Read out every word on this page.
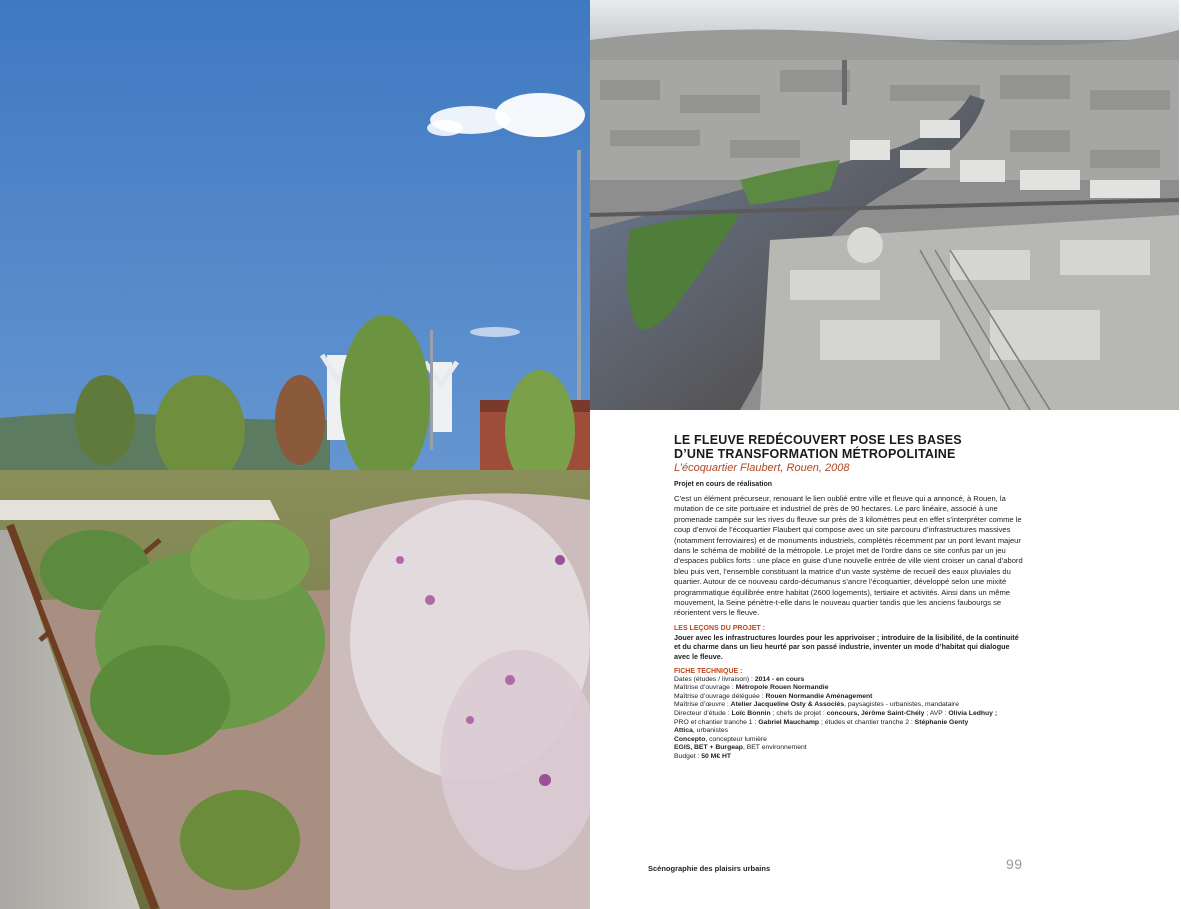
LE FLEUVE REDÉCOUVERT POSE LES BASES
D’UNE TRANSFORMATION MÉTROPOLITAINE
L’écoquartier Flaubert, Rouen, 2008
Projet en cours de réalisation
C’est un élément précurseur, renouant le lien oublié entre ville et fleuve qui a annoncé, à Rouen, la mutation de ce site portuaire et industriel de près de 90 hectares. Le parc linéaire, associé à une promenade campée sur les rives du fleuve sur près de 3 kilomètres peut en effet s’interpréter comme le coup d’envoi de l’écoquartier Flaubert qui compose avec un site parcouru d’infrastructures massives (notamment ferroviaires) et de monuments industriels, complétés récemment par un pont levant majeur dans le schéma de mobilité de la métropole. Le projet met de l’ordre dans ce site confus par un jeu d’espaces publics forts : une place en guise d’une nouvelle entrée de ville vient croiser un canal d’abord bleu puis vert, l’ensemble constituant la matrice d’un vaste système de recueil des eaux pluviales du quartier. Autour de ce nouveau cardo-décumanus s’ancre l’écoquartier, développé selon une mixité programmatique équilibrée entre habitat (2600 logements), tertiaire et activités. Ainsi dans un même mouvement, la Seine pénètre-t-elle dans le nouveau quartier tandis que les anciens faubourgs se réorientent vers le fleuve.
LES LEÇONS DU PROJET :
Jouer avec les infrastructures lourdes pour les apprivoiser ; introduire de la lisibilité, de la continuité et du charme dans un lieu heurté par son passé industrie, inventer un mode d’habitat qui dialogue avec le fleuve.
FICHE TECHNIQUE :
Dates (études / livraison) : 2014 - en cours
Maîtrise d’ouvrage : Métropole Rouen Normandie
Maîtrise d’ouvrage déléguée : Rouen Normandie Aménagement
Maîtrise d’œuvre : Atelier Jacqueline Osty & Associés, paysagistes - urbanistes, mandataire
Directeur d’étude : Loïc Bonnin ; chefs de projet : concours, Jérôme Saint-Chély ; AVP : Olivia Ledhuy ;
PRO et chantier tranche 1 : Gabriel Mauchamp ; études et chantier tranche 2 : Stéphanie Genty
Attica, urbanistes
Concepto, concepteur lumière
EGIS, BET + Burgeap, BET environnement
Budget : 50 M€ HT
Scénographie des plaisirs urbains	99
